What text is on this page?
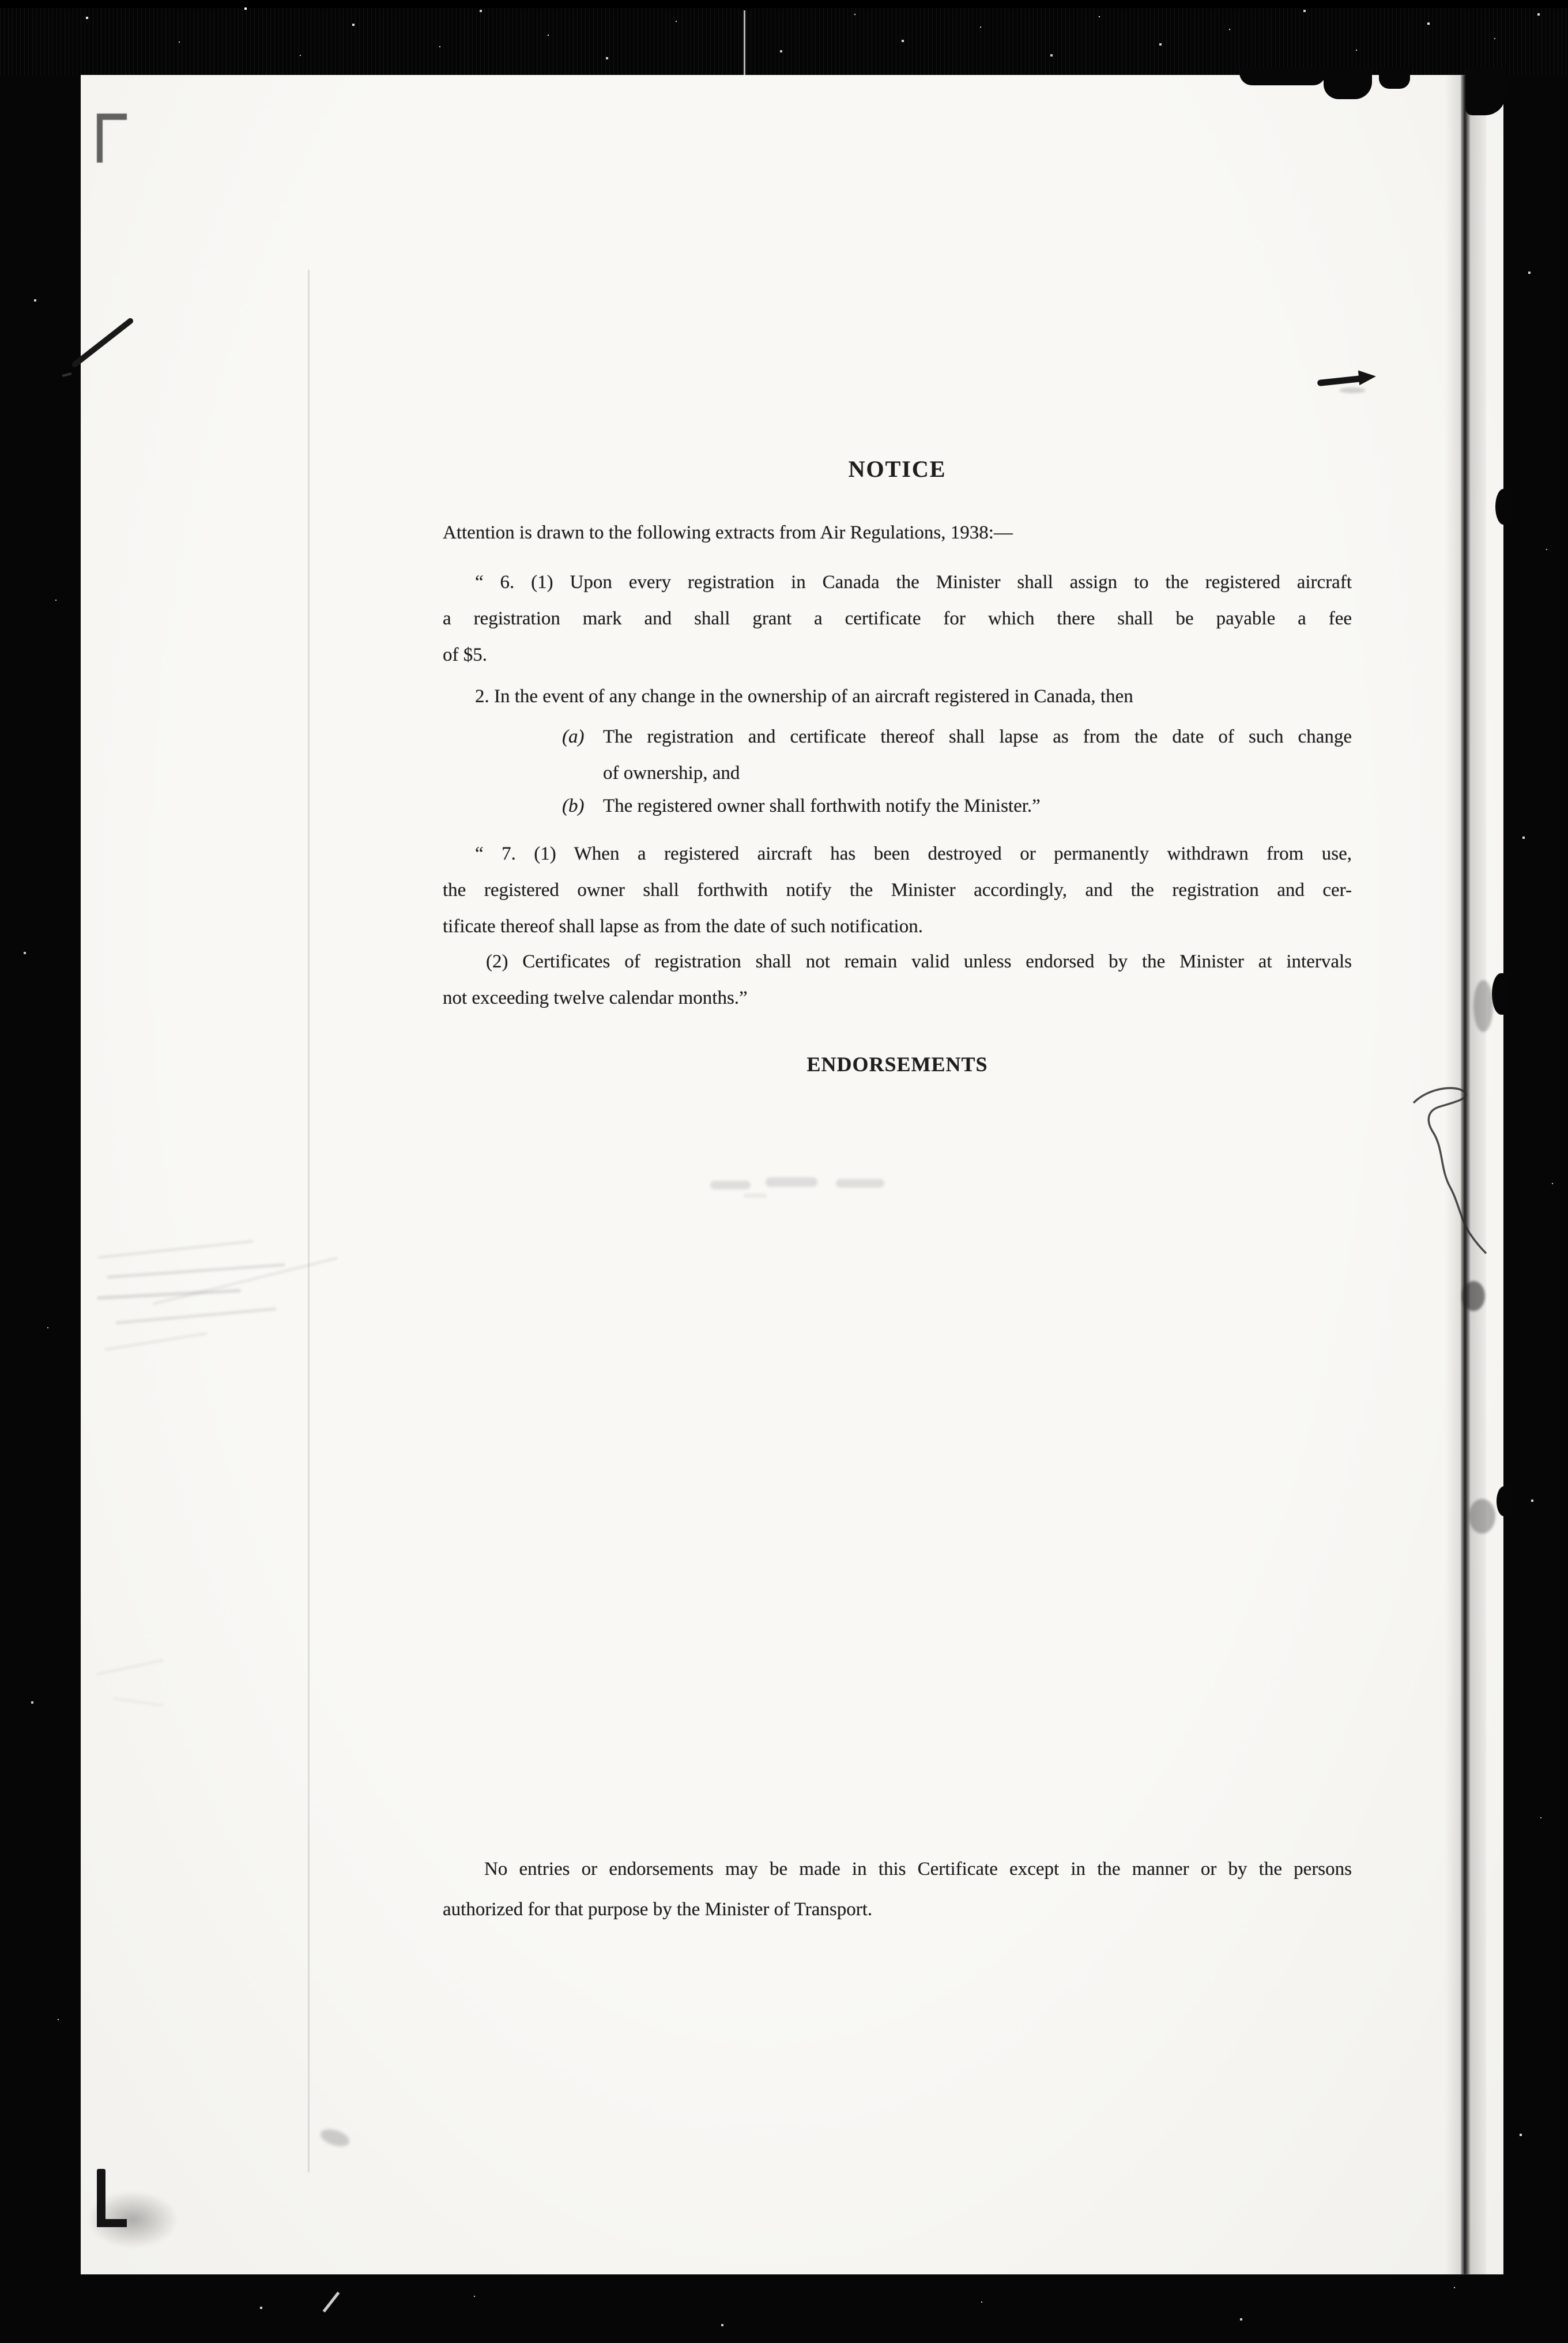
NOTICE
Attention is drawn to the following extracts from Air Regulations, 1938:—
ENDORSEMENTS
“ 6. (1) Upon every registration in Canada the Minister shall assign to the registered aircraft
a registration mark and shall grant a certificate for which there shall be payable a fee
of $5.
2. In the event of any change in the ownership of an aircraft registered in Canada, then
(a) The registration and certificate thereof shall lapse as from the date of such change
of ownership, and
(b) The registered owner shall forthwith notify the Minister.”
“ 7. (1) When a registered aircraft has been destroyed or permanently withdrawn from use,
the registered owner shall forthwith notify the Minister accordingly, and the registration and cer-
tificate thereof shall lapse as from the date of such notification.
(2) Certificates of registration shall not remain valid unless endorsed by the Minister at intervals
not exceeding twelve calendar months.”
No entries or endorsements may be made in this Certificate except in the manner or by the persons
authorized for that purpose by the Minister of Transport.
